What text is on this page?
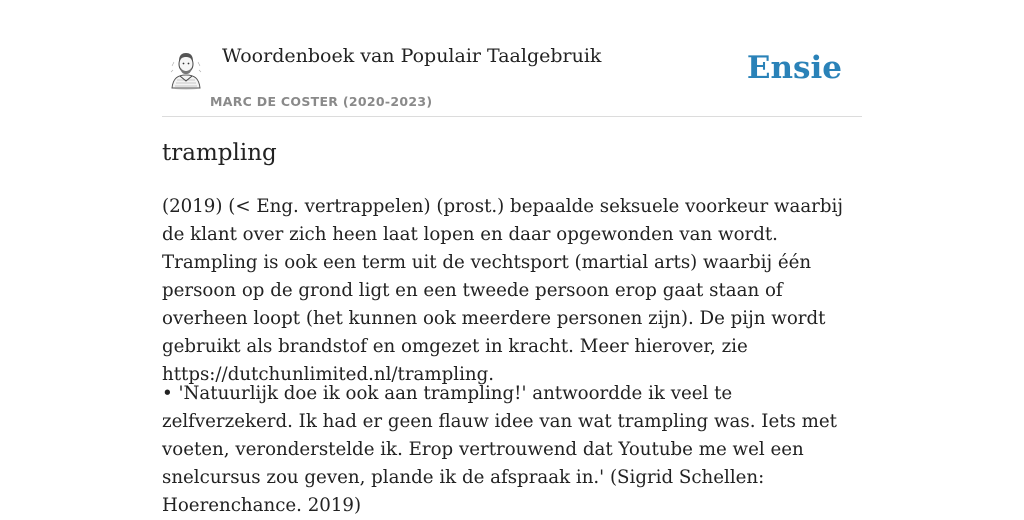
Woordenboek van Populair Taalgebruik
MARC DE COSTER (2020-2023)
Ensie
trampling

(2019) (< Eng. vertrappelen) (prost.) bepaalde seksuele voorkeur waarbij de klant over zich heen laat lopen en daar opgewonden van wordt. Trampling is ook een term uit de vechtsport (martial arts) waarbij één persoon op de grond ligt en een tweede persoon erop gaat staan of overheen loopt (het kunnen ook meerdere personen zijn). De pijn wordt gebruikt als brandstof en omgezet in kracht. Meer hierover, zie https://dutchunlimited.nl/trampling.

• 'Natuurlijk doe ik ook aan trampling!' antwoordde ik veel te zelfverzekerd. Ik had er geen flauw idee van wat trampling was. Iets met voeten, veronderstelde ik. Erop vertrouwend dat Youtube me wel een snelcursus zou geven, plande ik de afspraak in.' (Sigrid Schellen: Hoerenchance. 2019)
